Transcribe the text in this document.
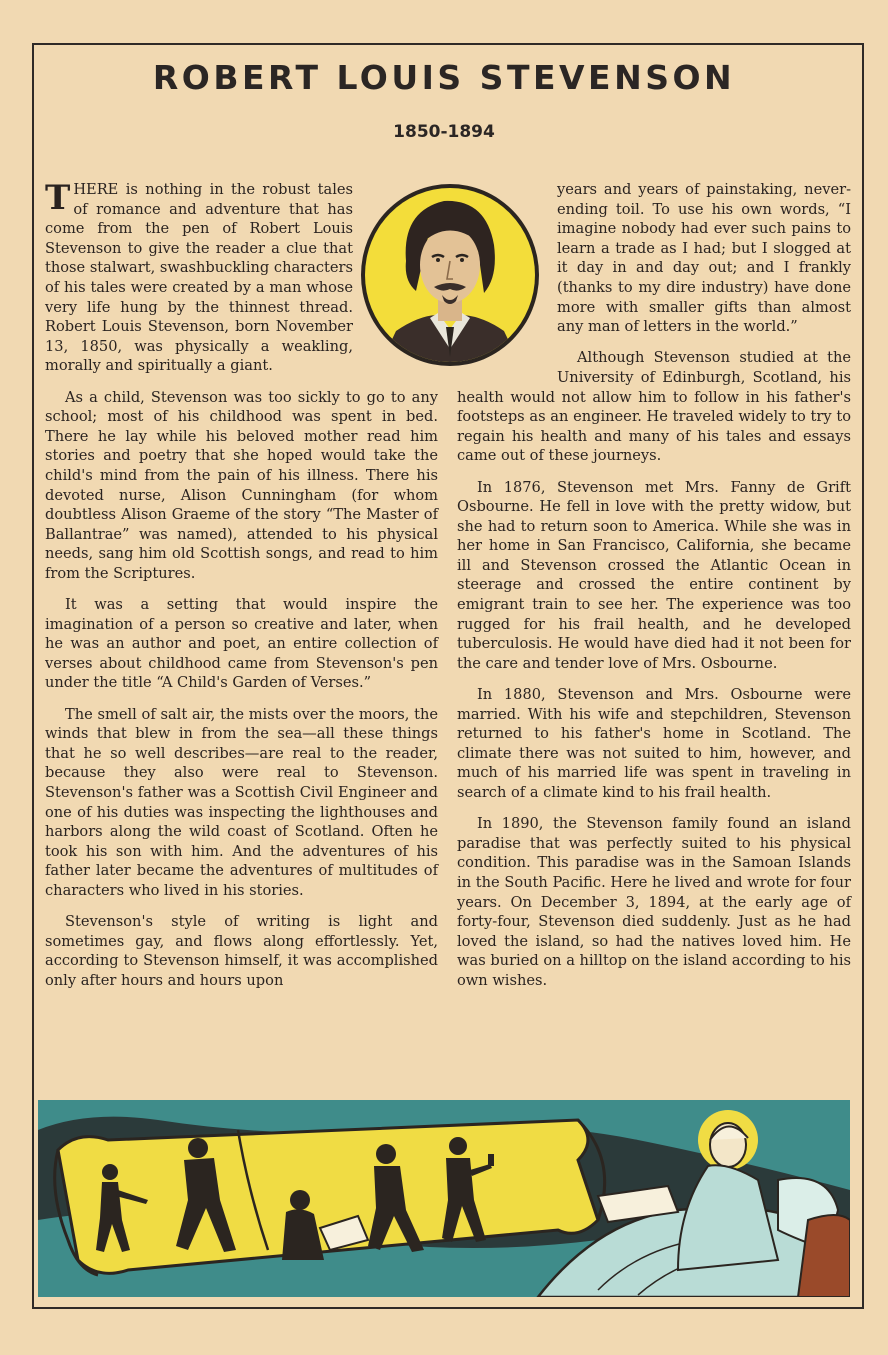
ROBERT LOUIS STEVENSON
1850-1894

THERE is nothing in the robust tales of romance and adventure that has come from the pen of Robert Louis Stevenson to give the reader a clue that those stalwart, swashbuckling characters of his tales were created by a man whose very life hung by the thinnest thread. Robert Louis Stevenson, born November 13, 1850, was physically a weakling, morally and spiritually a giant.

As a child, Stevenson was too sickly to go to any school; most of his childhood was spent in bed. There he lay while his beloved mother read him stories and poetry that she hoped would take the child's mind from the pain of his illness. There his devoted nurse, Alison Cunningham (for whom doubtless Alison Graeme of the story “The Master of Ballantrae” was named), attended to his physical needs, sang him old Scottish songs, and read to him from the Scriptures.

It was a setting that would inspire the imagination of a person so creative and later, when he was an author and poet, an entire collection of verses about childhood came from Stevenson's pen under the title “A Child's Garden of Verses.”

The smell of salt air, the mists over the moors, the winds that blew in from the sea—all these things that he so well describes—are real to the reader, because they also were real to Stevenson. Stevenson's father was a Scottish Civil Engineer and one of his duties was inspecting the lighthouses and harbors along the wild coast of Scotland. Often he took his son with him. And the adventures of his father later became the adventures of multitudes of characters who lived in his stories.

Stevenson's style of writing is light and sometimes gay, and flows along effortlessly. Yet, according to Stevenson himself, it was accomplished only after hours and hours upon

years and years of painstaking, never-ending toil. To use his own words, “I imagine nobody had ever such pains to learn a trade as I had; but I slogged at it day in and day out; and I frankly (thanks to my dire industry) have done more with smaller gifts than almost any man of letters in the world.”

Although Stevenson studied at the University of Edinburgh, Scotland, his health would not allow him to follow in his father's footsteps as an engineer. He traveled widely to try to regain his health and many of his tales and essays came out of these journeys.

In 1876, Stevenson met Mrs. Fanny de Grift Osbourne. He fell in love with the pretty widow, but she had to return soon to America. While she was in her home in San Francisco, California, she became ill and Stevenson crossed the Atlantic Ocean in steerage and crossed the entire continent by emigrant train to see her. The experience was too rugged for his frail health, and he developed tuberculosis. He would have died had it not been for the care and tender love of Mrs. Osbourne.

In 1880, Stevenson and Mrs. Osbourne were married. With his wife and stepchildren, Stevenson returned to his father's home in Scotland. The climate there was not suited to him, however, and much of his married life was spent in traveling in search of a climate kind to his frail health.

In 1890, the Stevenson family found an island paradise that was perfectly suited to his physical condition. This paradise was in the Samoan Islands in the South Pacific. Here he lived and wrote for four years. On December 3, 1894, at the early age of forty-four, Stevenson died suddenly. Just as he had loved the island, so had the natives loved him. He was buried on a hilltop on the island according to his own wishes.
